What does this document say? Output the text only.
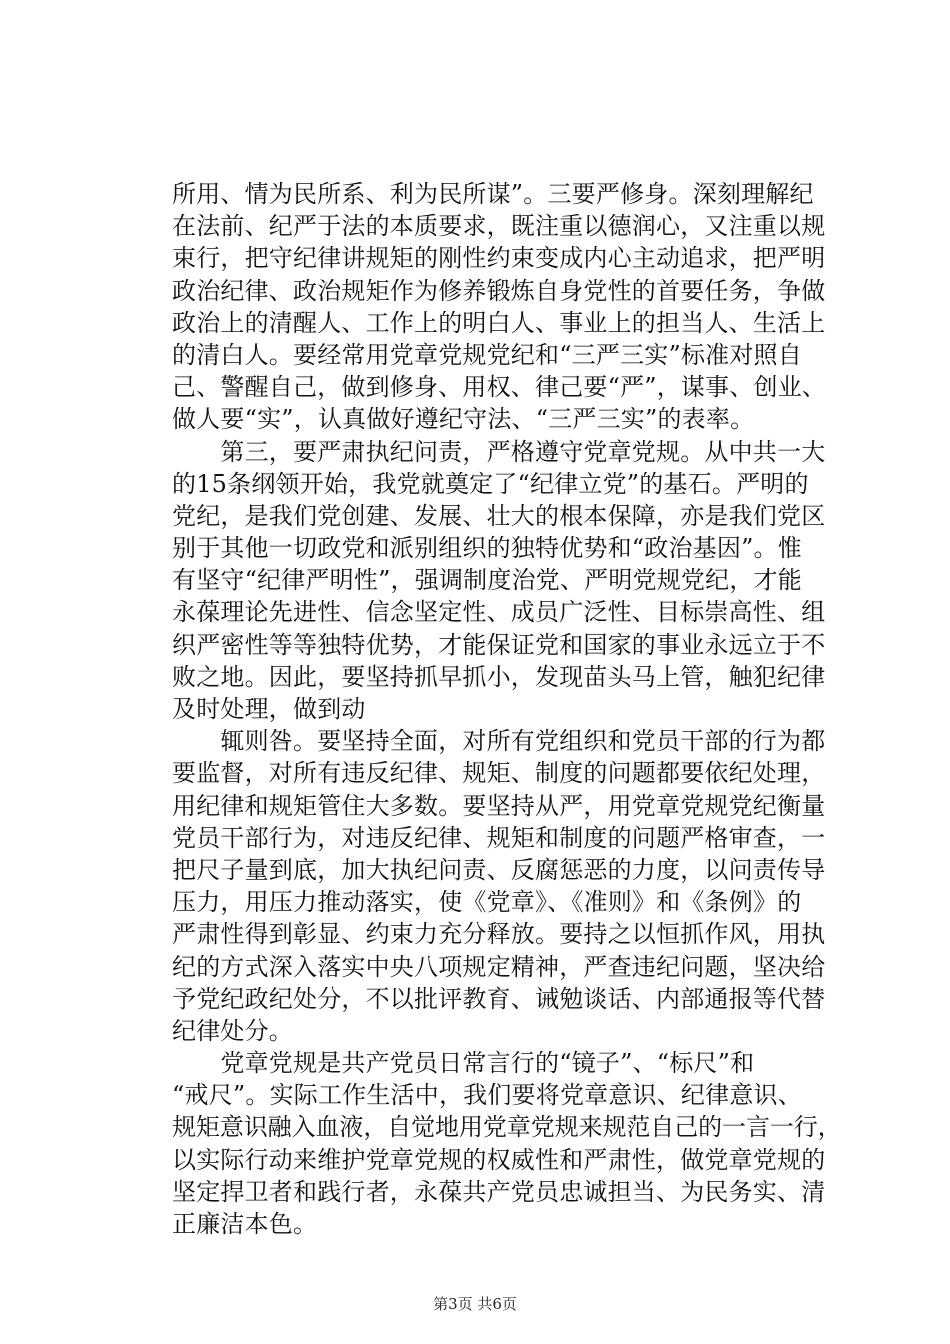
所用、情为民所系、利为民所谋”。三要严修身。深刻理解纪
在法前、纪严于法的本质要求，既注重以德润心，又注重以规
束行，把守纪律讲规矩的刚性约束变成内心主动追求，把严明
政治纪律、政治规矩作为修养锻炼自身党性的首要任务，争做
政治上的清醒人、工作上的明白人、事业上的担当人、生活上
的清白人。要经常用党章党规党纪和“三严三实”标准对照自
己、警醒自己，做到修身、用权、律己要“严”，谋事、创业、
做人要“实”，认真做好遵纪守法、“三严三实”的表率。
　　第三，要严肃执纪问责，严格遵守党章党规。从中共一大
的15条纲领开始，我党就奠定了“纪律立党”的基石。严明的
党纪，是我们党创建、发展、壮大的根本保障，亦是我们党区
别于其他一切政党和派别组织的独特优势和“政治基因”。惟
有坚守“纪律严明性”，强调制度治党、严明党规党纪，才能
永葆理论先进性、信念坚定性、成员广泛性、目标崇高性、组
织严密性等等独特优势，才能保证党和国家的事业永远立于不
败之地。因此，要坚持抓早抓小，发现苗头马上管，触犯纪律
及时处理，做到动
　　辄则咎。要坚持全面，对所有党组织和党员干部的行为都
要监督，对所有违反纪律、规矩、制度的问题都要依纪处理，
用纪律和规矩管住大多数。要坚持从严，用党章党规党纪衡量
党员干部行为，对违反纪律、规矩和制度的问题严格审查，一
把尺子量到底，加大执纪问责、反腐惩恶的力度，以问责传导
压力，用压力推动落实，使《党章》、《准则》和《条例》的
严肃性得到彰显、约束力充分释放。要持之以恒抓作风，用执
纪的方式深入落实中央八项规定精神，严查违纪问题，坚决给
予党纪政纪处分，不以批评教育、诫勉谈话、内部通报等代替
纪律处分。
　　党章党规是共产党员日常言行的“镜子”、“标尺”和
“戒尺”。实际工作生活中，我们要将党章意识、纪律意识、
规矩意识融入血液，自觉地用党章党规来规范自己的一言一行，
以实际行动来维护党章党规的权威性和严肃性，做党章党规的
坚定捍卫者和践行者，永葆共产党员忠诚担当、为民务实、清
正廉洁本色。
第3页 共6页
